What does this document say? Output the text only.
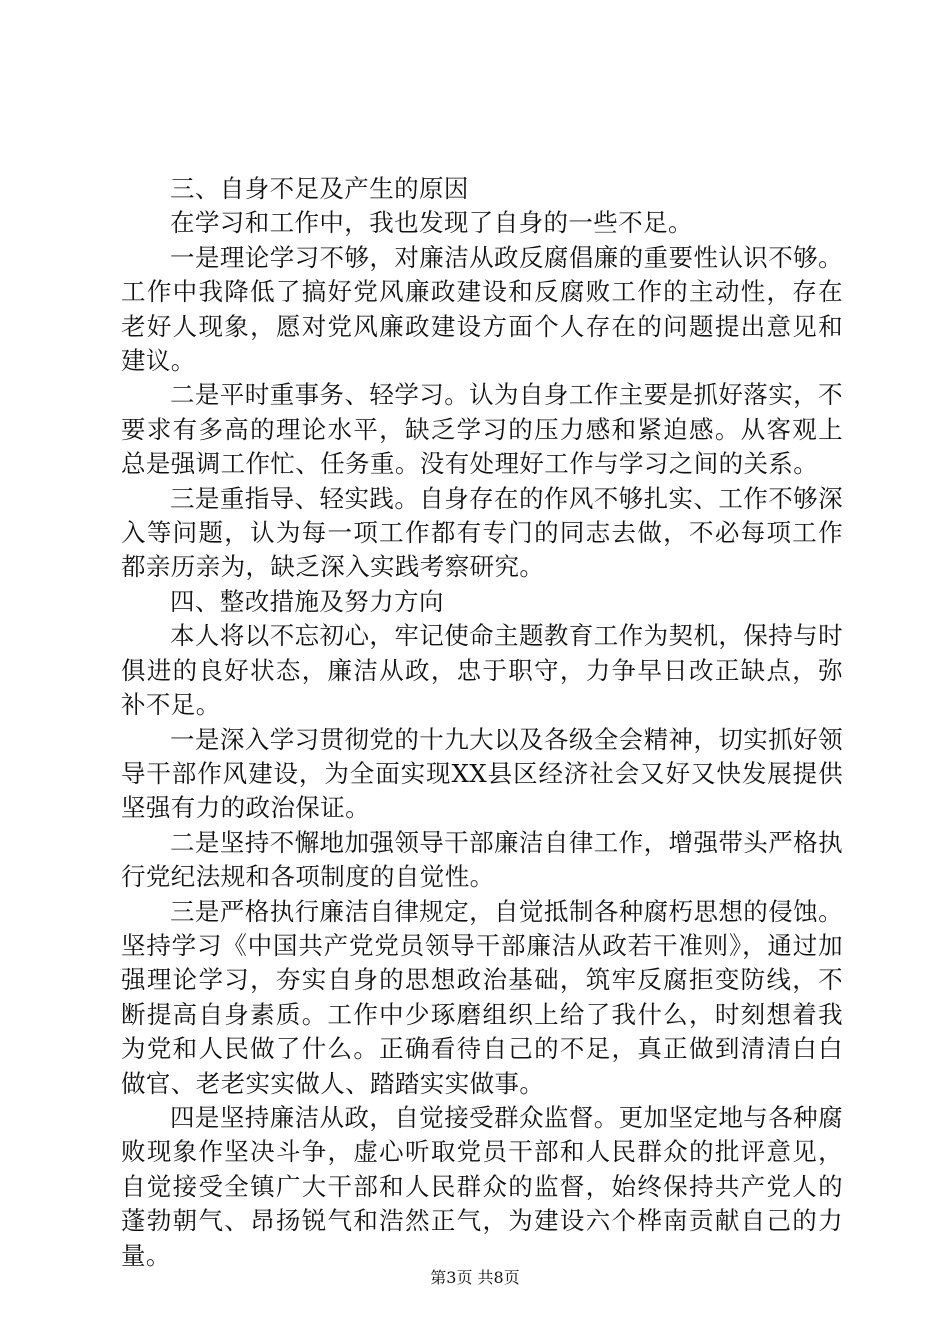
三、自身不足及产生的原因

在学习和工作中，我也发现了自身的一些不足。

一是理论学习不够，对廉洁从政反腐倡廉的重要性认识不够。工作中我降低了搞好党风廉政建设和反腐败工作的主动性，存在老好人现象，愿对党风廉政建设方面个人存在的问题提出意见和建议。

二是平时重事务、轻学习。认为自身工作主要是抓好落实，不要求有多高的理论水平，缺乏学习的压力感和紧迫感。从客观上总是强调工作忙、任务重。没有处理好工作与学习之间的关系。

三是重指导、轻实践。自身存在的作风不够扎实、工作不够深入等问题，认为每一项工作都有专门的同志去做，不必每项工作都亲历亲为，缺乏深入实践考察研究。

四、整改措施及努力方向

本人将以不忘初心，牢记使命主题教育工作为契机，保持与时俱进的良好状态，廉洁从政，忠于职守，力争早日改正缺点，弥补不足。

一是深入学习贯彻党的十九大以及各级全会精神，切实抓好领导干部作风建设，为全面实现XX县区经济社会又好又快发展提供坚强有力的政治保证。

二是坚持不懈地加强领导干部廉洁自律工作，增强带头严格执行党纪法规和各项制度的自觉性。

三是严格执行廉洁自律规定，自觉抵制各种腐朽思想的侵蚀。坚持学习《中国共产党党员领导干部廉洁从政若干准则》，通过加强理论学习，夯实自身的思想政治基础，筑牢反腐拒变防线，不断提高自身素质。工作中少琢磨组织上给了我什么，时刻想着我为党和人民做了什么。正确看待自己的不足，真正做到清清白白做官、老老实实做人、踏踏实实做事。

四是坚持廉洁从政，自觉接受群众监督。更加坚定地与各种腐败现象作坚决斗争，虚心听取党员干部和人民群众的批评意见，自觉接受全镇广大干部和人民群众的监督，始终保持共产党人的蓬勃朝气、昂扬锐气和浩然正气，为建设六个桦南贡献自己的力量。

第3页 共8页
